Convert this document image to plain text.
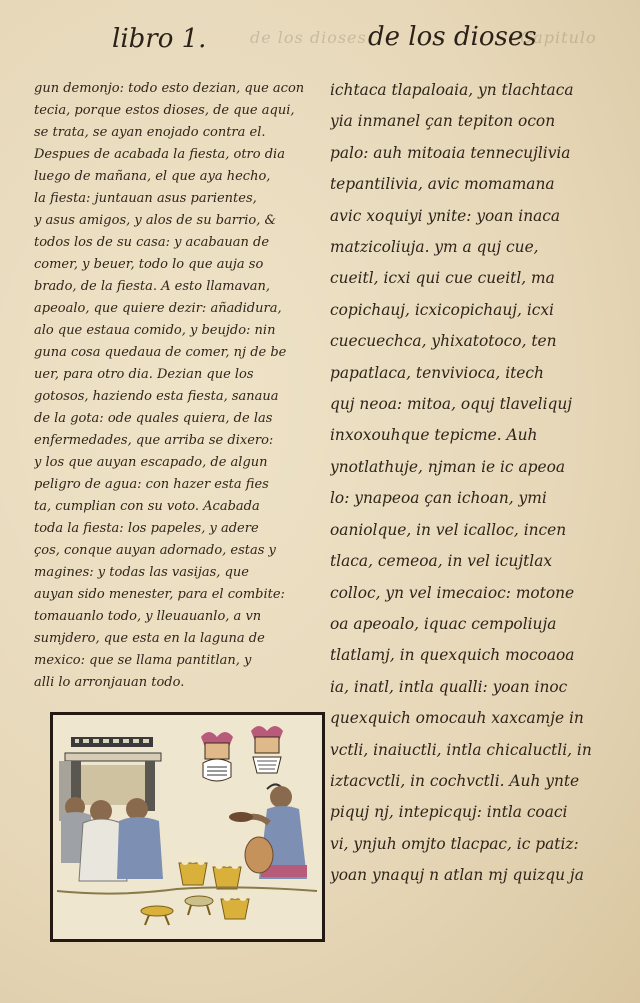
de los dioses	Capitulo
libro 1.	de los dioses
gun demonjo: todo esto dezian, que acon
tecia, porque estos dioses, de que aqui,
se trata, se ayan enojado contra el.
Despues de acabada la fiesta, otro dia
luego de mañana, el que aya hecho,
la fiesta: juntauan asus parientes,
y asus amigos, y alos de su barrio, &
todos los de su casa: y acabauan de
comer, y beuer, todo lo que auja so
brado, de la fiesta. A esto llamavan,
apeoalo, que quiere dezir: añadidura,
alo que estaua comido, y beujdo: nin
guna cosa quedaua de comer, nj de be
uer, para otro dia. Dezian que los
gotosos, haziendo esta fiesta, sanaua
de la gota: ode quales quiera, de las
enfermedades, que arriba se dixero:
y los que auyan escapado, de algun
peligro de agua: con hazer esta fies
ta, cumplian con su voto. Acabada
toda la fiesta: los papeles, y adere
ços, conque auyan adornado, estas y
magines: y todas las vasijas, que
auyan sido menester, para el combite:
tomauanlo todo, y lleuauanlo, a vn
sumjdero, que esta en la laguna de
mexico: que se llama pantitlan, y
alli lo arronjauan todo.
ichtaca tlapaloaia, yn tlachtaca
yia inmanel çan tepiton ocon
palo: auh mitoaia tennecujlivia
tepantilivia, avic momamana
avic xoquiyi ynite: yoan inaca
matzicoliuja. ym a quj cue,
cueitl, icxi qui cue cueitl, ma
copichauj, icxicopichauj, icxi
cuecuechca, yhixatotoco, ten
papatlaca, tenvivioca, itech
quj neoa: mitoa, oquj tlaveliquj
inxoxouhque tepicme. Auh
ynotlathuje, njman ie ic apeoa
lo: ynapeoa çan ichoan, ymi
oaniolque, in vel icalloc, incen
tlaca, cemeoa, in vel icujtlax
colloc, yn vel imecaioc: motone
oa apeoalo, iquac cempoliuja
tlatlamj, in quexquich mocoaoa
ia, inatl, intla qualli: yoan inoc
quexquich omocauh xaxcamje in
vctli, inaiuctli, intla chicaluctli, in
iztacvctli, in cochvctli. Auh ynte
piquj nj, intepicquj: intla coaci
vi, ynjuh omjto tlacpac, ic patiz:
yoan ynaquj n atlan mj quizqu ja
